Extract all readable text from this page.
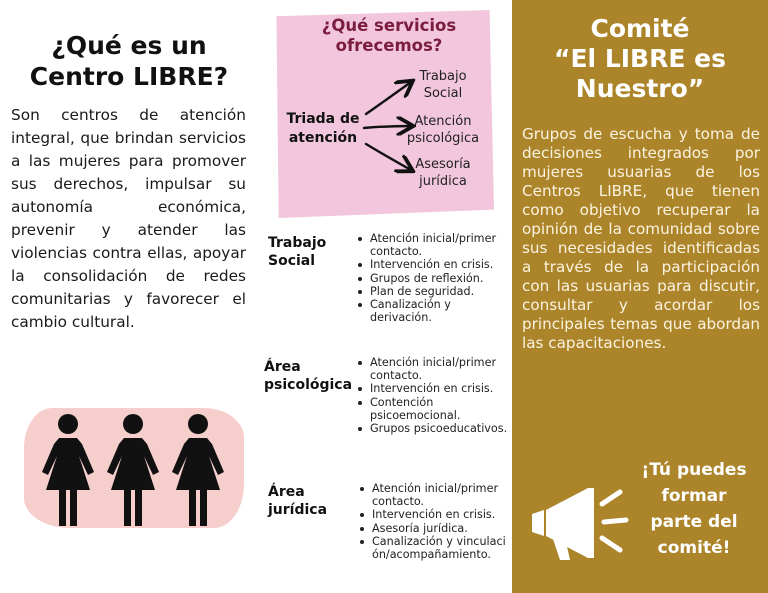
¿Qué es un
Centro LIBRE?

Son centros de atención integral, que brindan servicios a las mujeres para promover sus derechos, impulsar su autonomía económica, prevenir y atender las violencias contra ellas, apoyar la consolidación de redes comunitarias y favorecer el cambio cultural.

¿Qué servicios
ofrecemos?
Triada de
atención
Trabajo
Social
Atención
psicológica
Asesoría
jurídica
Trabajo
Social
Atención inicial/primer contacto.
Intervención en crisis.
Grupos de reflexión.
Plan de seguridad.
Canalización y derivación.
Área
psicológica
Atención inicial/primer contacto.
Intervención en crisis.
Contención psicoemocional.
Grupos psicoeducativos.
Área
jurídica
Atención inicial/primer contacto.
Intervención en crisis.
Asesoría jurídica.
Canalización y vinculación/acompañamiento.
Comité
“El LIBRE es
Nuestro”

Grupos de escucha y toma de decisiones integrados por mujeres usuarias de los Centros LIBRE, que tienen como objetivo recuperar la opinión de la comunidad sobre sus necesidades identificadas a través de la participación con las usuarias para discutir, consultar y acordar los principales temas que abordan las capacitaciones.

¡Tú puedes
formar
parte del
comité!
